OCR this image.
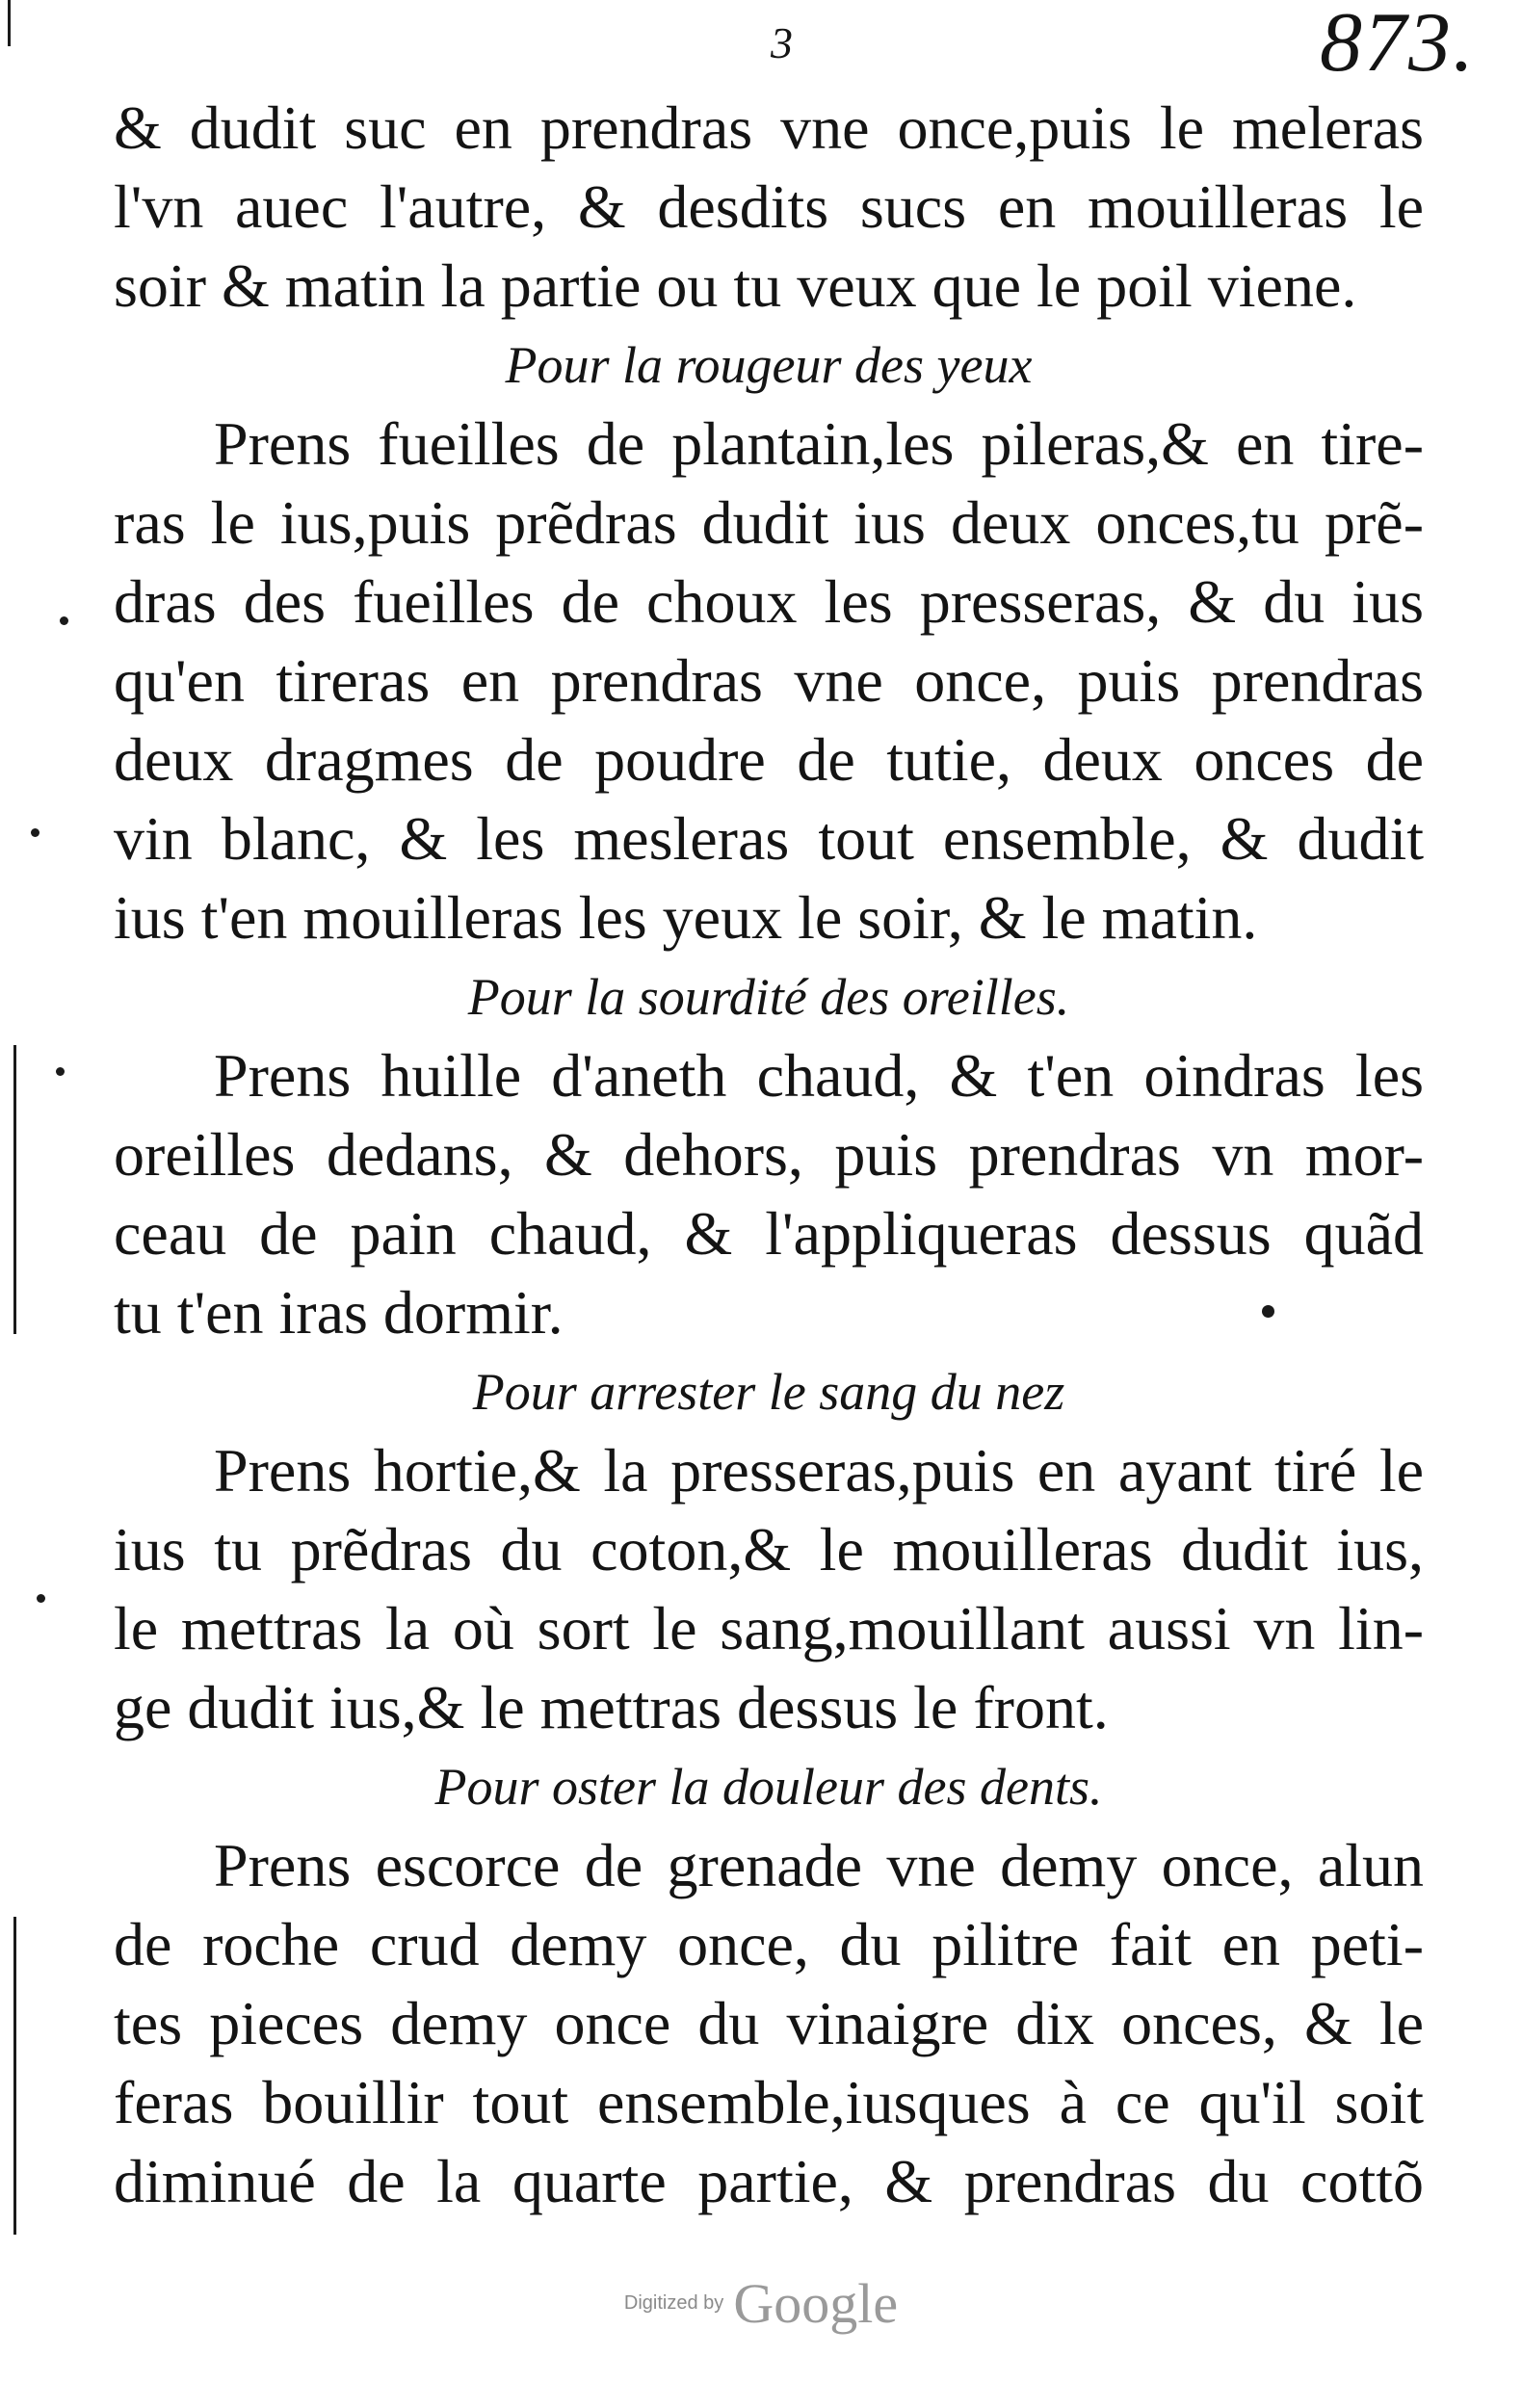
3	873.
& dudit suc en prendras vne once,puis le meleras
l'vn auec l'autre, & desdits sucs en mouilleras le
soir & matin la partie ou tu veux que le poil viene.
Pour la rougeur des yeux
Prens fueilles de plantain,les pileras,& en tire-
ras le ius,puis prẽdras dudit ius deux onces,tu prẽ-
dras des fueilles de choux les presseras, & du ius
qu'en tireras en prendras vne once, puis prendras
deux dragmes de poudre de tutie, deux onces de
vin blanc, & les mesleras tout ensemble, & dudit
ius t'en mouilleras les yeux le soir, & le matin.
Pour la sourdité des oreilles.
Prens huille d'aneth chaud, & t'en oindras les
oreilles dedans, & dehors, puis prendras vn mor-
ceau de pain chaud, & l'appliqueras dessus quãd
tu t'en iras dormir.
Pour arrester le sang du nez
Prens hortie,& la presseras,puis en ayant tiré le
ius tu prẽdras du coton,& le mouilleras dudit ius,
le mettras la où sort le sang,mouillant aussi vn lin-
ge dudit ius,& le mettras dessus le front.
Pour oster la douleur des dents.
Prens escorce de grenade vne demy once, alun
de roche crud demy once, du pilitre fait en peti-
tes pieces demy once du vinaigre dix onces, & le
feras bouillir tout ensemble,iusques à ce qu'il soit
diminué de la quarte partie, & prendras du cottõ
Digitized by Google
